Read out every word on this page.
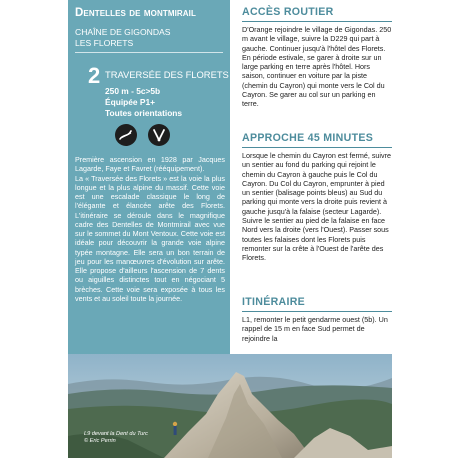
Dentelles de montmirail
CHAÎNE DE GIGONDAS
LES FLORETS
2 TRAVERSÉE DES FLORETS
250 m - 5c>5b
Équipée P1+
Toutes orientations

Première ascension en 1928 par Jacques Lagarde, Faye et Favret (rééquipement).

La « Traversée des Florets » est la voie la plus longue et la plus alpine du massif. Cette voie est une escalade classique le long de l'élégante et élancée arête des Florets. L'itinéraire se déroule dans le magnifique cadre des Dentelles de Montmirail avec vue sur le sommet du Mont Ventoux. Cette voie est idéale pour découvrir la grande voie alpine typée montagne. Elle sera un bon terrain de jeu pour les manœuvres d'évolution sur arête. Elle propose d'ailleurs l'ascension de 7 dents ou aiguilles distinctes tout en négociant 5 brèches. Cette voie sera exposée à tous les vents et au soleil toute la journée.

ACCÈS ROUTIER

D'Orange rejoindre le village de Gigondas. 250 m avant le village, suivre la D229 qui part à gauche. Continuer jusqu'à l'hôtel des Florets. En période estivale, se garer à droite sur un large parking en terre après l'hôtel. Hors saison, continuer en voiture par la piste (chemin du Cayron) qui monte vers le Col du Cayron. Se garer au col sur un parking en terre.

APPROCHE 45 MINUTES

Lorsque le chemin du Cayron est fermé, suivre un sentier au fond du parking qui rejoint le chemin du Cayron à gauche puis le Col du Cayron. Du Col du Cayron, emprunter à pied un sentier (balisage points bleus) au Sud du parking qui monte vers la droite puis revient à gauche jusqu'à la falaise (secteur Lagarde). Suivre le sentier au pied de la falaise en face Nord vers la droite (vers l'Ouest). Passer sous toutes les falaises dont les Florets puis remonter sur la crête à l'Ouest de l'arête des Florets.

ITINÉRAIRE

L1, remonter le petit gendarme ouest (5b). Un rappel de 15 m en face Sud permet de rejoindre la

L9 devant la Dent du Turc
© Eric Perrin
